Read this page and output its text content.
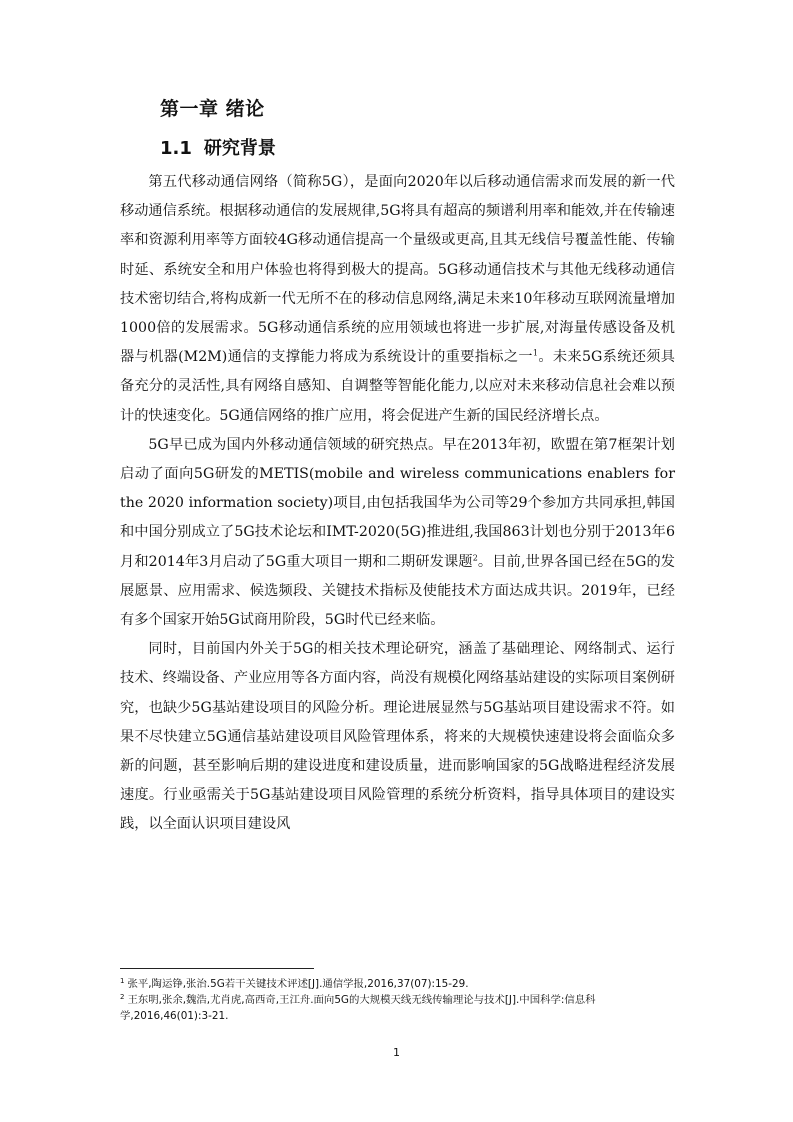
第一章 绪论
1.1 研究背景

第五代移动通信网络（简称5G），是面向2020年以后移动通信需求而发展的新一代移动通信系统。根据移动通信的发展规律,5G将具有超高的频谱利用率和能效,并在传输速率和资源利用率等方面较4G移动通信提高一个量级或更高,且其无线信号覆盖性能、传输时延、系统安全和用户体验也将得到极大的提高。5G移动通信技术与其他无线移动通信技术密切结合,将构成新一代无所不在的移动信息网络,满足未来10年移动互联网流量增加1000倍的发展需求。5G移动通信系统的应用领域也将进一步扩展,对海量传感设备及机器与机器(M2M)通信的支撑能力将成为系统设计的重要指标之一$^1$。未来5G系统还须具备充分的灵活性,具有网络自感知、自调整等智能化能力,以应对未来移动信息社会难以预计的快速变化。5G通信网络的推广应用，将会促进产生新的国民经济增长点。

5G早已成为国内外移动通信领域的研究热点。早在2013年初，欧盟在第7框架计划启动了面向5G研发的METIS(mobile and wireless communications enablers for the 2020 information society)项目,由包括我国华为公司等29个参加方共同承担,韩国和中国分别成立了5G技术论坛和IMT-2020(5G)推进组,我国863计划也分别于2013年6月和2014年3月启动了5G重大项目一期和二期研发课题$^2$。目前,世界各国已经在5G的发展愿景、应用需求、候选频段、关键技术指标及使能技术方面达成共识。2019年，已经有多个国家开始5G试商用阶段，5G时代已经来临。

同时，目前国内外关于5G的相关技术理论研究，涵盖了基础理论、网络制式、运行技术、终端设备、产业应用等各方面内容，尚没有规模化网络基站建设的实际项目案例研究，也缺少5G基站建设项目的风险分析。理论进展显然与5G基站项目建设需求不符。如果不尽快建立5G通信基站建设项目风险管理体系，将来的大规模快速建设将会面临众多新的问题，甚至影响后期的建设进度和建设质量，进而影响国家的5G战略进程经济发展速度。行业亟需关于5G基站建设项目风险管理的系统分析资料，指导具体项目的建设实践，以全面认识项目建设风

$^1$ 张平,陶运铮,张治.5G若干关键技术评述[J].通信学报,2016,37(07):15-29.

$^2$ 王东明,张余,魏浩,尤肖虎,高西奇,王江舟.面向5G的大规模天线无线传输理论与技术[J].中国科学:信息科学,2016,46(01):3-21.

1
